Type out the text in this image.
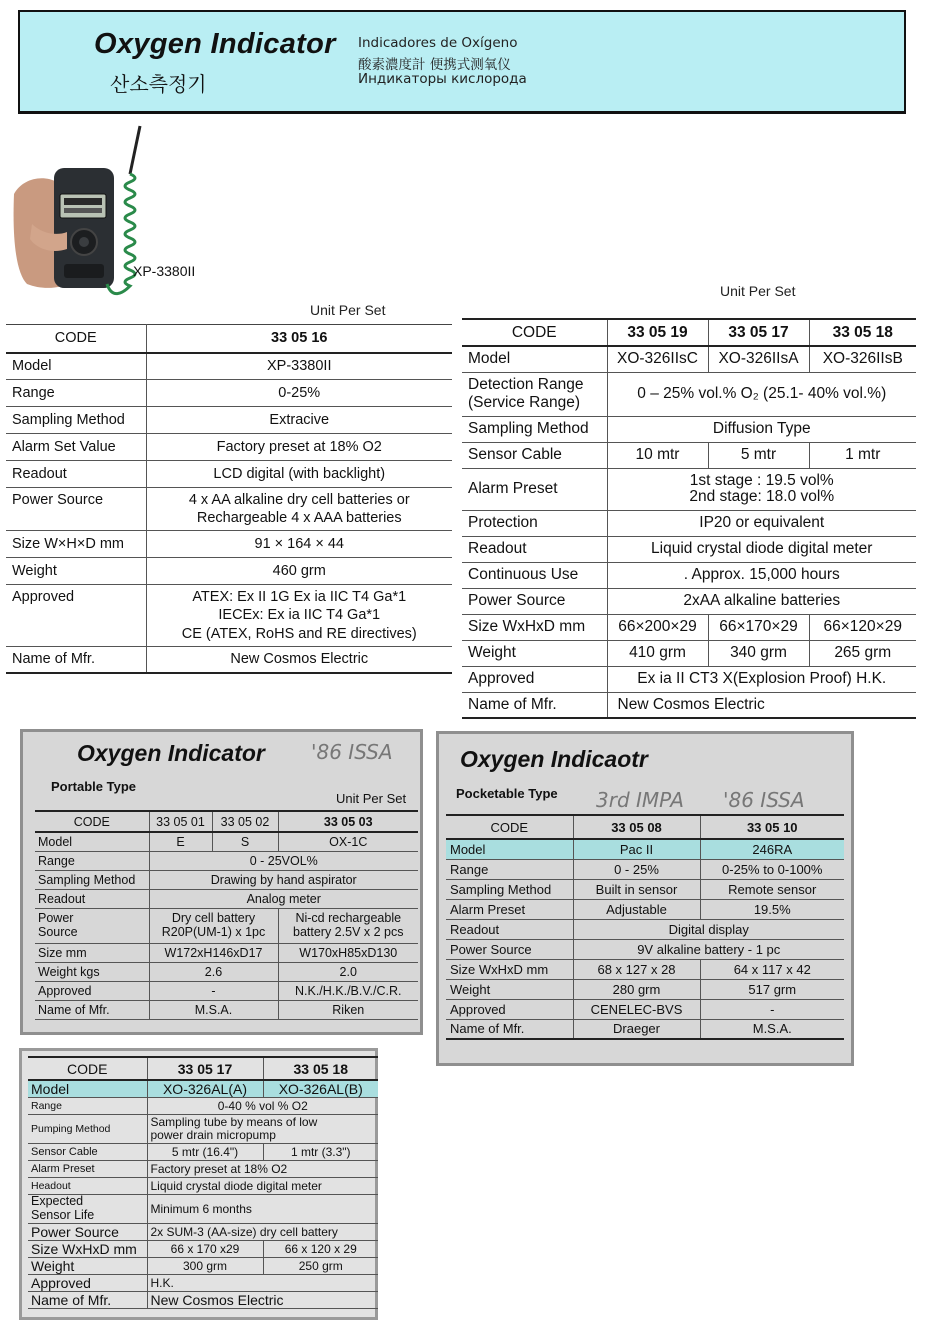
Oxygen Indicator
산소측정기
Indicadores de Oxígeno
酸素濃度計 便携式测氧仪
Индикаторы кислорода
XP-3380II
Unit Per Set
CODE	33 05 16
Model	XP-3380II
Range	0-25%
Sampling Method	Extracive
Alarm Set Value	Factory preset at 18% O2
Readout	LCD digital (with backlight)
Power Source	4 x AA alkaline dry cell batteries or
Rechargeable 4 x AAA batteries
Size W×H×D mm	91 × 164 × 44
Weight	460 grm
Approved	ATEX: Ex II 1G Ex ia IIC T4 Ga*1
IECEx: Ex ia IIC T4 Ga*1
CE (ATEX, RoHS and RE directives)
Name of Mfr.	New Cosmos Electric
Unit Per Set
CODE	33 05 19	33 05 17	33 05 18
Model	XO-326IIsC	XO-326IIsA	XO-326IIsB
Detection Range
(Service Range)	0 – 25% vol.% O₂ (25.1- 40% vol.%)		
Sampling Method	Diffusion Type		
Sensor Cable	10 mtr	5 mtr	1 mtr
Alarm Preset	1st stage : 19.5 vol%
2nd stage: 18.0 vol%		
Protection	IP20 or equivalent		
Readout	Liquid crystal diode digital meter		
Continuous Use	. Approx. 15,000 hours		
Power Source	2xAA alkaline batteries		
Size WxHxD mm	66×200×29	66×170×29	66×120×29
Weight	410 grm	340 grm	265 grm
Approved	Ex ia II CT3 X(Explosion Proof) H.K.		
Name of Mfr.	New Cosmos Electric		
Oxygen Indicator '86 ISSA
Portable Type
Unit Per Set
CODE	33 05 01	33 05 02	33 05 03
Model	E	S	OX-1C
Range	0 - 25VOL%		
Sampling Method	Drawing by hand aspirator		
Readout	Analog meter		
Power
Source	Dry cell battery
R20P(UM-1) x 1pc		Ni-cd rechargeable
battery 2.5V x 2 pcs
Size mm	W172xH146xD17		W170xH85xD130
Weight kgs	2.6		2.0
Approved	-		N.K./H.K./B.V./C.R.
Name of Mfr.	M.S.A.		Riken
Oxygen Indicaotr
Pocketable Type 3rd IMPA '86 ISSA
CODE	33 05 08	33 05 10
Model	Pac II	246RA
Range	0 - 25%	0-25% to 0-100%
Sampling Method	Built in sensor	Remote sensor
Alarm Preset	Adjustable	19.5%
Readout	Digital display	
Power Source	9V alkaline battery - 1 pc	
Size WxHxD mm	68 x 127 x 28	64 x 117 x 42
Weight	280 grm	517 grm
Approved	CENELEC-BVS	-
Name of Mfr.	Draeger	M.S.A.
CODE	33 05 17	33 05 18
Model	XO-326AL(A)	XO-326AL(B)
Range	0-40 % vol % O2	
Pumping Method	Sampling tube by means of low
power drain micropump	
Sensor Cable	5 mtr (16.4")	1 mtr (3.3")
Alarm Preset	Factory preset at 18% O2	
Headout	Liquid crystal diode digital meter	
Expected
Sensor Life	Minimum 6 months	
Power Source	2x SUM-3 (AA-size) dry cell battery	
Size WxHxD mm	66 x 170 x29	66 x 120 x 29
Weight	300 grm	250 grm
Approved	H.K.	
Name of Mfr.	New Cosmos Electric	
